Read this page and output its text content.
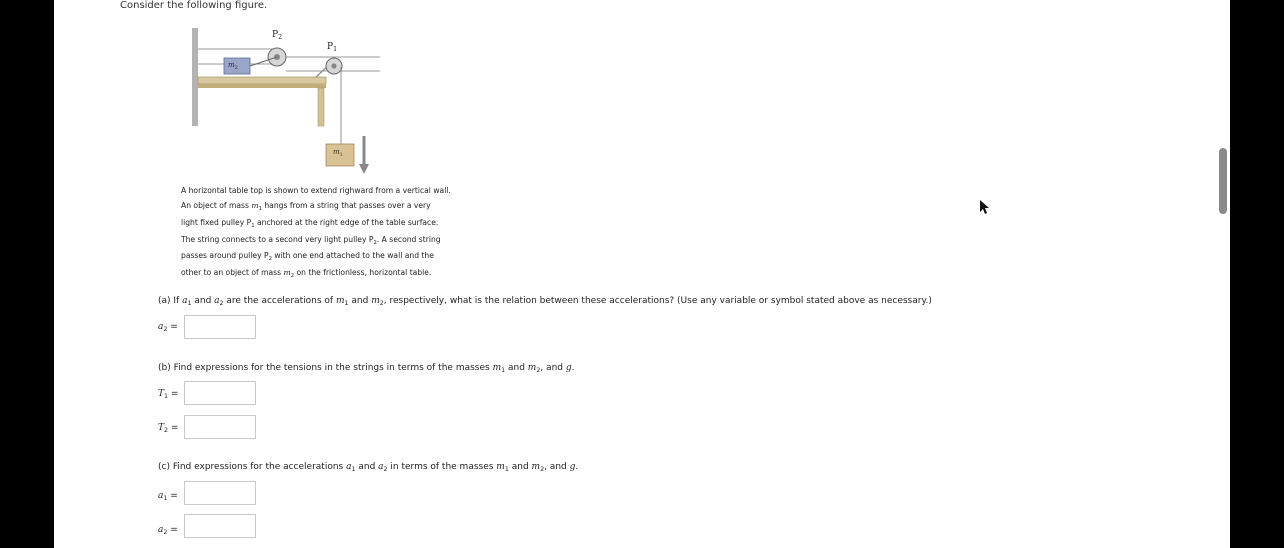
Consider the following figure.
$P_2$
$P_1$
$m_2$
$m_1$
A horizontal table top is shown to extend righward from a vertical wall.
An object of mass $m_1$ hangs from a string that passes over a very
light fixed pulley $P_1$ anchored at the right edge of the table surface.
The string connects to a second very light pulley $P_2$. A second string
passes around pulley $P_2$ with one end attached to the wall and the
other to an object of mass $m_2$ on the frictionless, horizontal table.
(a) If $a_1$ and $a_2$ are the accelerations of $m_1$ and $m_2$, respectively, what is the relation between these accelerations? (Use any variable or symbol stated above as necessary.)
$a_2$ =
(b) Find expressions for the tensions in the strings in terms of the masses $m_1$ and $m_2$, and g.
$T_1$ =
$T_2$ =
(c) Find expressions for the accelerations $a_1$ and $a_2$ in terms of the masses $m_1$ and $m_2$, and g.
$a_1$ =
$a_2$ =
